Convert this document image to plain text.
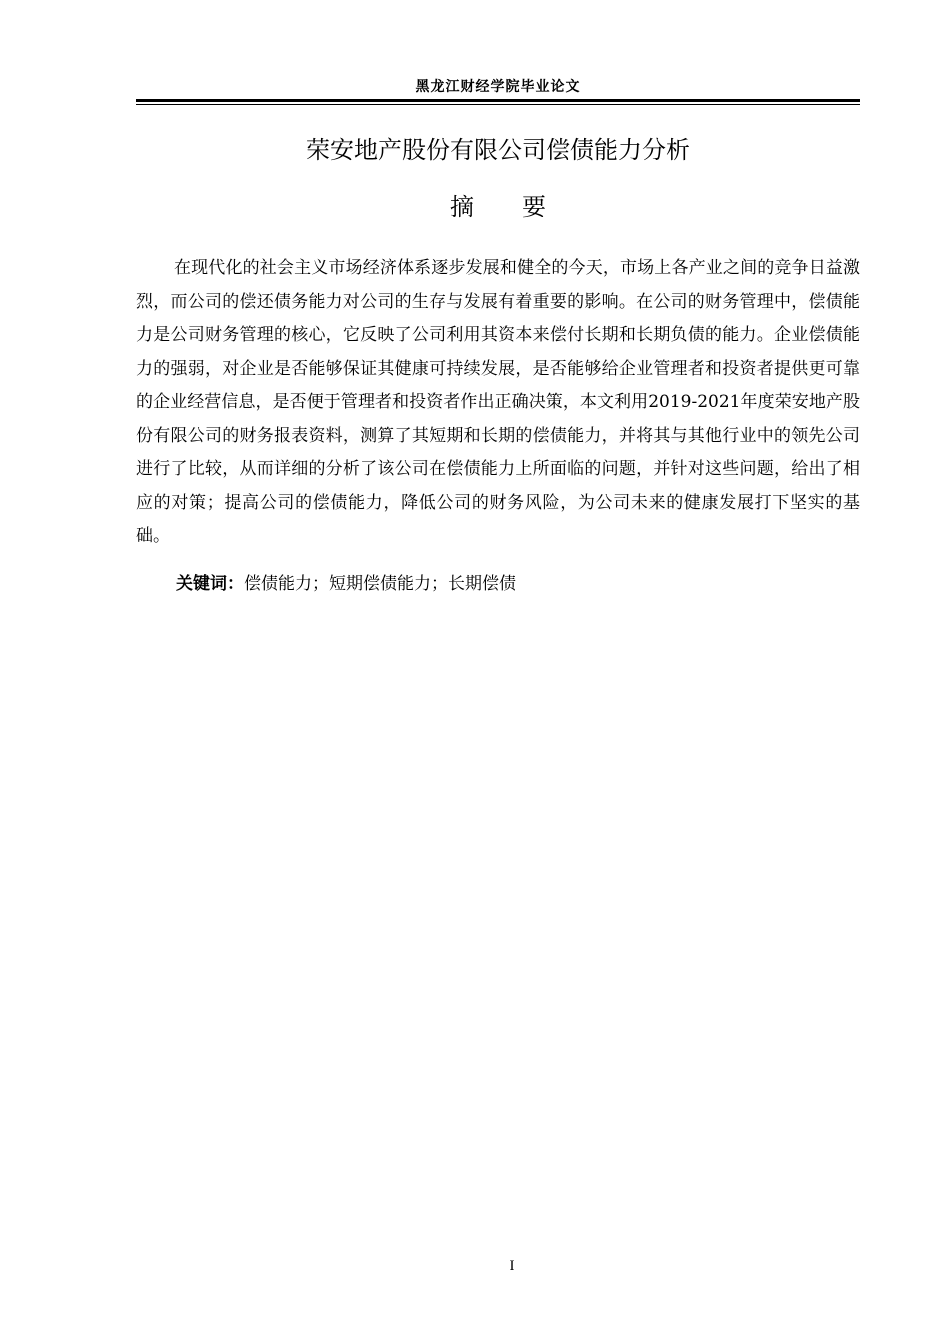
黑龙江财经学院毕业论文
荣安地产股份有限公司偿债能力分析
摘要

在现代化的社会主义市场经济体系逐步发展和健全的今天，市场上各产业之间的竞争日益激烈，而公司的偿还债务能力对公司的生存与发展有着重要的影响。在公司的财务管理中，偿债能力是公司财务管理的核心，它反映了公司利用其资本来偿付长期和长期负债的能力。企业偿债能力的强弱，对企业是否能够保证其健康可持续发展，是否能够给企业管理者和投资者提供更可靠的企业经营信息，是否便于管理者和投资者作出正确决策，本文利用2019-2021年度荣安地产股份有限公司的财务报表资料，测算了其短期和长期的偿债能力，并将其与其他行业中的领先公司进行了比较，从而详细的分析了该公司在偿债能力上所面临的问题，并针对这些问题，给出了相应的对策；提高公司的偿债能力，降低公司的财务风险，为公司未来的健康发展打下坚实的基础。

关键词：偿债能力；短期偿债能力；长期偿债
I
